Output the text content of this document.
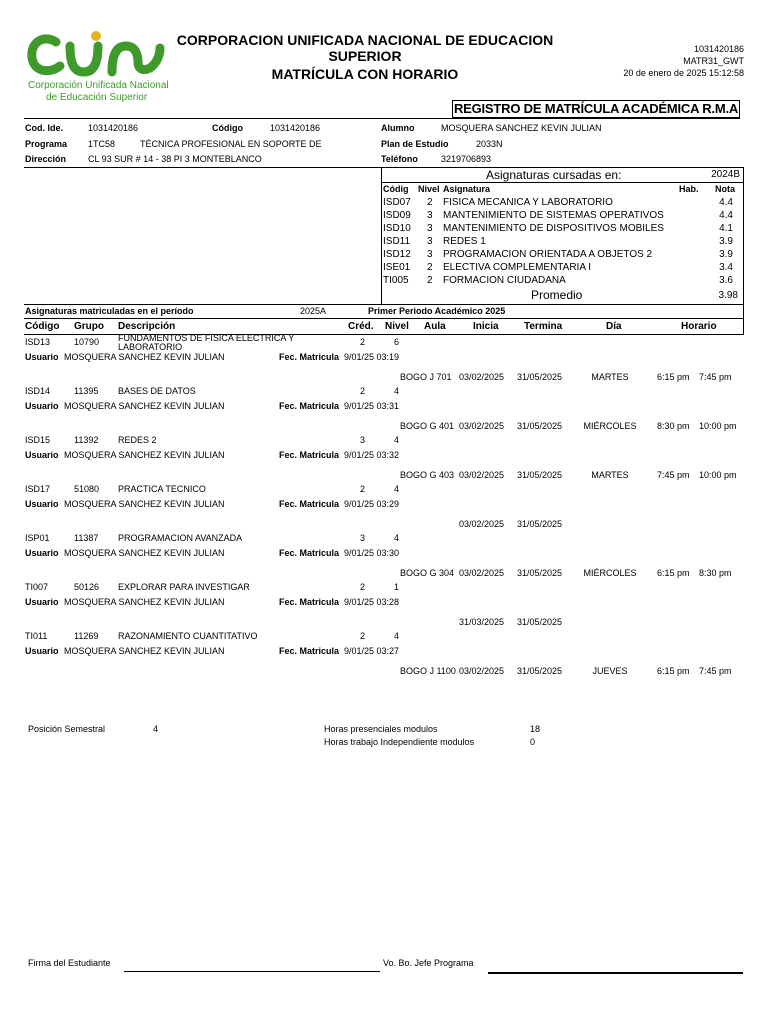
Corporación Unificada Nacional
de Educación Superior
CORPORACION UNIFICADA NACIONAL DE EDUCACION
SUPERIOR
MATRÍCULA CON HORARIO
1031420186
MATR31_GWT
20 de enero de 2025 15:12:58
REGISTRO DE MATRÍCULA ACADÉMICA R.M.A
Cod. Ide.	1031420186	Código	1031420186	Alumno	MOSQUERA SANCHEZ KEVIN JULIAN
Programa 1TC58	TÉCNICA PROFESIONAL EN SOPORTE DE	Plan de Estudio	2033N
Dirección CL 93 SUR # 14 - 38 PI 3 MONTEBLANCO	Teléfono	3219706893
Asignaturas cursadas en:	2024B
Códig Nivel Asignatura	Hab. Nota
ISD07 2 FISICA MECANICA Y LABORATORIO	4.4
ISD09 3 MANTENIMIENTO DE SISTEMAS OPERATIVOS	4.4
ISD10 3 MANTENIMIENTO DE DISPOSITIVOS MOBILES	4.1
ISD11 3 REDES 1	3.9
ISD12 3 PROGRAMACION ORIENTADA A OBJETOS 2	3.9
ISE01 2 ELECTIVA COMPLEMENTARIA I	3.4
TI005 2 FORMACION CIUDADANA	3.6
Promedio	3.98
Asignaturas matriculadas en el período	2025A	Primer Periodo Académico 2025
Código Grupo Descripción	Créd. Nivel Aula	Inicia	Termina	Día	Horario
ISD13	10790 FUNDAMENTOS DE FISICA ELECTRICA Y LABORATORIO	2	6
Usuario MOSQUERA SANCHEZ KEVIN JULIAN	Fec. Matricula 9/01/25 03:19
BOGO J 701 03/02/2025 31/05/2025	MARTES	6:15 pm 7:45 pm
ISD14	11395 BASES DE DATOS	2	4
Usuario MOSQUERA SANCHEZ KEVIN JULIAN	Fec. Matricula 9/01/25 03:31
BOGO G 401 03/02/2025 31/05/2025	MIÉRCOLES	8:30 pm 10:00 pm
ISD15	11392 REDES 2	3	4
Usuario MOSQUERA SANCHEZ KEVIN JULIAN	Fec. Matricula 9/01/25 03:32
BOGO G 403 03/02/2025 31/05/2025	MARTES	7:45 pm 10:00 pm
ISD17	51080 PRACTICA TECNICO	2	4
Usuario MOSQUERA SANCHEZ KEVIN JULIAN	Fec. Matricula 9/01/25 03:29
03/02/2025 31/05/2025
ISP01	11387 PROGRAMACION AVANZADA	3	4
Usuario MOSQUERA SANCHEZ KEVIN JULIAN	Fec. Matricula 9/01/25 03:30
BOGO G 304 03/02/2025 31/05/2025	MIÉRCOLES	6:15 pm 8:30 pm
TI007	50126 EXPLORAR PARA INVESTIGAR	2	1
Usuario MOSQUERA SANCHEZ KEVIN JULIAN	Fec. Matricula 9/01/25 03:28
31/03/2025 31/05/2025
TI011	11269 RAZONAMIENTO CUANTITATIVO	2	4
Usuario MOSQUERA SANCHEZ KEVIN JULIAN	Fec. Matricula 9/01/25 03:27
BOGO J 1100 03/02/2025 31/05/2025	JUEVES	6:15 pm 7:45 pm
Posición Semestral	4	Horas presenciales modulos	18
Horas trabajo Independiente modulos	0
Firma del Estudiante	Vo. Bo. Jefe Programa
